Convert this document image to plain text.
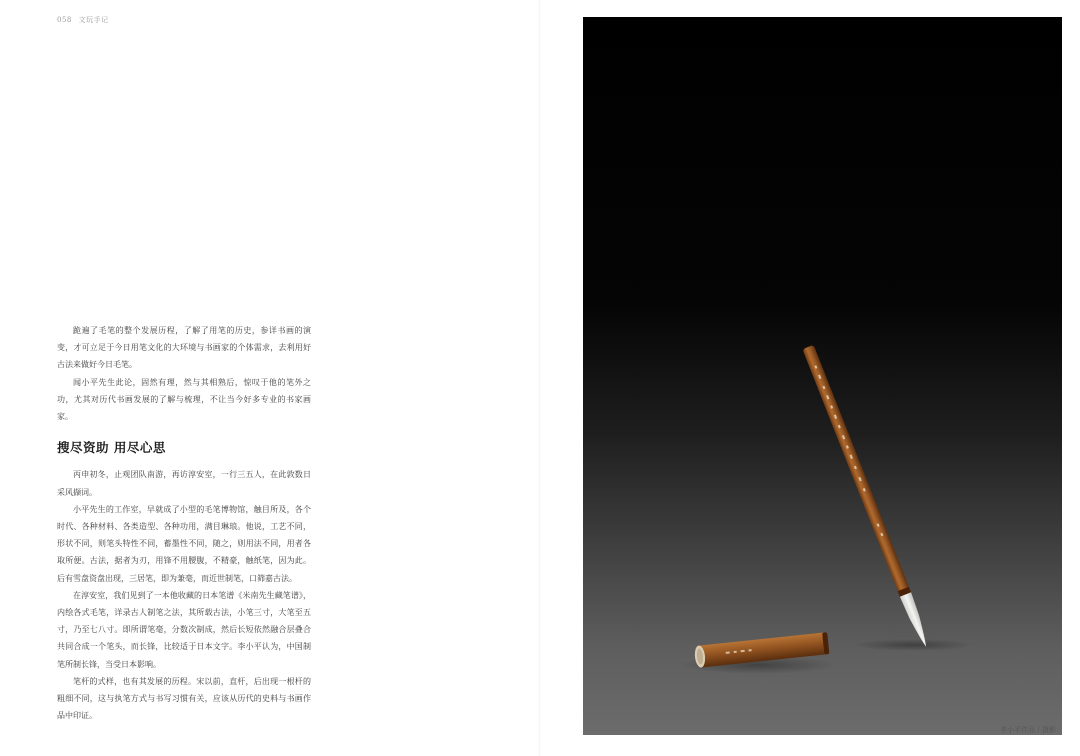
058 文玩手记

跪遍了毛笔的整个发展历程，了解了用笔的历史，参详书画的演变，才可立足于今日用笔文化的大环境与书画家的个体需求，去利用好古法来做好今日毛笔。

闻小平先生此论，固然有理，然与其相熟后，惊叹于他的笔外之功，尤其对历代书画发展的了解与梳理，不让当今好多专业的书家画家。

搜尽资助 用尽心思

丙申初冬，止观团队南游，再访淳安室，一行三五人，在此敦数日采风撷词。

小平先生的工作室，早就成了小型的毛笔博物馆，触目所及，各个时代、各种材料、各类造型、各种功用，满目琳琅。他说，工艺不同，形状不同，则笔头特性不同，蓄墨性不同，随之，则用法不同，用者各取所便。古法，据者为刃，用锋不用腰腹，不精豪，触纸笔，因为此。后有雪盘资盘出现，三居笔，即为兼毫，而近世制笔，口筛嘉古法。

在淳安室，我们见到了一本他收藏的日本笔谱《米南先生藏笔谱》，内绘各式毛笔，详录古人制笔之法，其所载古法，小笔三寸，大笔至五寸，乃至七八寸。即所谓笔毫，分数次制成，然后长短依然融合层叠合共同合成一个笔头，而长锋，比较适于日本文字。李小平认为，中国制笔所制长锋，当受日本影响。

笔杆的式样，也有其发展的历程。宋以前，直杆，后出现一根杆的粗细不同，这与执笔方式与书写习惯有关，应该从历代的史料与书画作品中印证。

李小平作品 / 摄影
